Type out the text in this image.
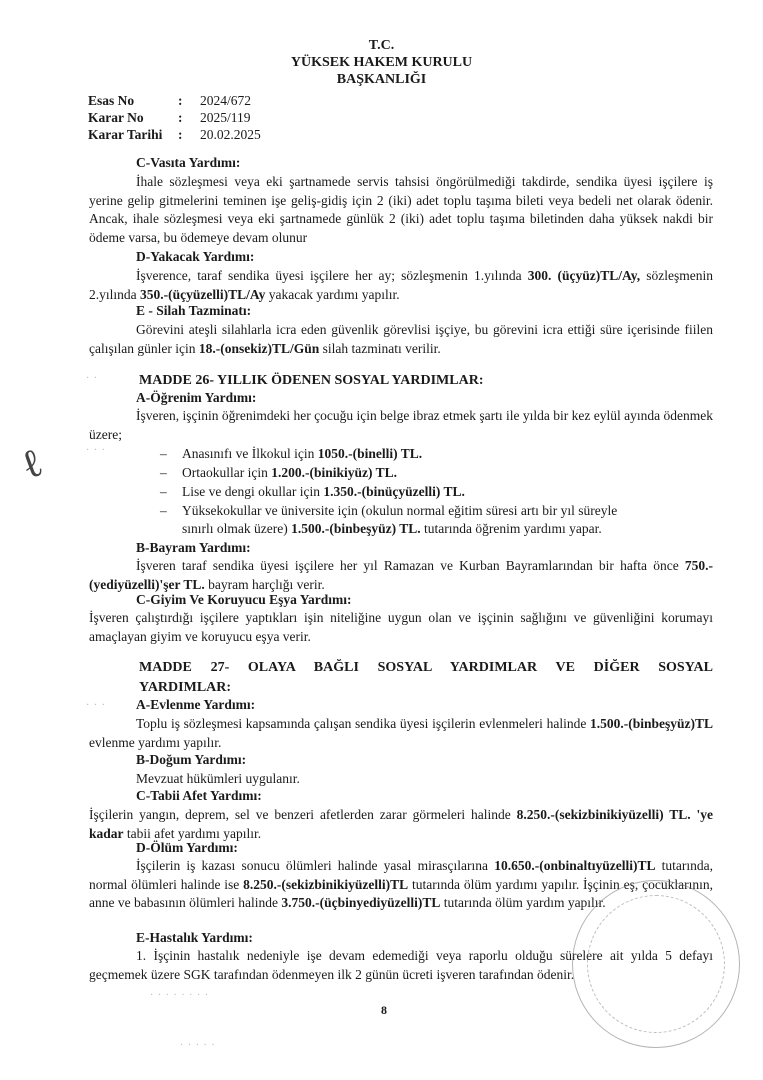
T.C.
YÜKSEK HAKEM KURULU
BAŞKANLIĞI
Esas No	: 2024/672
Karar No	: 2025/119
Karar Tarihi : 20.02.2025
C-Vasıta Yardımı:
İhale sözleşmesi veya eki şartnamede servis tahsisi öngörülmediği takdirde, sendika üyesi işçilere iş yerine gelip gitmelerini teminen işe geliş-gidiş için 2 (iki) adet toplu taşıma bileti veya bedeli net olarak ödenir. Ancak, ihale sözleşmesi veya eki şartnamede günlük 2 (iki) adet toplu taşıma biletinden daha yüksek nakdi bir ödeme varsa, bu ödemeye devam olunur
D-Yakacak Yardımı:
İşverence, taraf sendika üyesi işçilere her ay; sözleşmenin 1.yılında 300. (üçyüz)TL/Ay, sözleşmenin 2.yılında 350.-(üçyüzelli)TL/Ay yakacak yardımı yapılır.
E - Silah Tazminatı:
Görevini ateşli silahlarla icra eden güvenlik görevlisi işçiye, bu görevini icra ettiği süre içerisinde fiilen çalışılan günler için 18.-(onsekiz)TL/Gün silah tazminatı verilir.
MADDE 26- YILLIK ÖDENEN SOSYAL YARDIMLAR:
A-Öğrenim Yardımı:
İşveren, işçinin öğrenimdeki her çocuğu için belge ibraz etmek şartı ile yılda bir kez eylül ayında ödenmek üzere;
– Anasınıfı ve İlkokul için 1050.-(binelli) TL.
– Ortaokullar için 1.200.-(binikiyüz) TL.
– Lise ve dengi okullar için 1.350.-(binüçyüzelli) TL.
– Yüksekokullar ve üniversite için (okulun normal eğitim süresi artı bir yıl süreyle
sınırlı olmak üzere) 1.500.-(binbeşyüz) TL. tutarında öğrenim yardımı yapar.
B-Bayram Yardımı:
İşveren taraf sendika üyesi işçilere her yıl Ramazan ve Kurban Bayramlarından bir hafta önce 750.-(yediyüzelli)'şer TL. bayram harçlığı verir.
C-Giyim Ve Koruyucu Eşya Yardımı:
İşveren çalıştırdığı işçilere yaptıkları işin niteliğine uygun olan ve işçinin sağlığını ve güvenliğini korumayı amaçlayan giyim ve koruyucu eşya verir.
MADDE 27- OLAYA BAĞLI SOSYAL YARDIMLAR VE DİĞER SOSYAL
YARDIMLAR:
A-Evlenme Yardımı:
Toplu iş sözleşmesi kapsamında çalışan sendika üyesi işçilerin evlenmeleri halinde 1.500.-(binbeşyüz)TL evlenme yardımı yapılır.
B-Doğum Yardımı:
Mevzuat hükümleri uygulanır.
C-Tabii Afet Yardımı:
İşçilerin yangın, deprem, sel ve benzeri afetlerden zarar görmeleri halinde 8.250.-(sekizbinikiyüzelli) TL. 'ye kadar tabii afet yardımı yapılır.
D-Ölüm Yardımı:
İşçilerin iş kazası sonucu ölümleri halinde yasal mirasçılarına 10.650.-(onbinaltıyüzelli)TL tutarında, normal ölümleri halinde ise 8.250.-(sekizbinikiyüzelli)TL tutarında ölüm yardımı yapılır. İşçinin eş, çocuklarının, anne ve babasının ölümleri halinde 3.750.-(üçbinyediyüzelli)TL tutarında ölüm yardım yapılır.
E-Hastalık Yardımı:
1. İşçinin hastalık nedeniyle işe devam edemediği veya raporlu olduğu sürelere ait yılda 5 defayı geçmemek üzere SGK tarafından ödenmeyen ilk 2 günün ücreti işveren tarafından ödenir.
ℓ
· ·
· · ·
· · ·
· · · · · · · ·
· · · · ·
8
